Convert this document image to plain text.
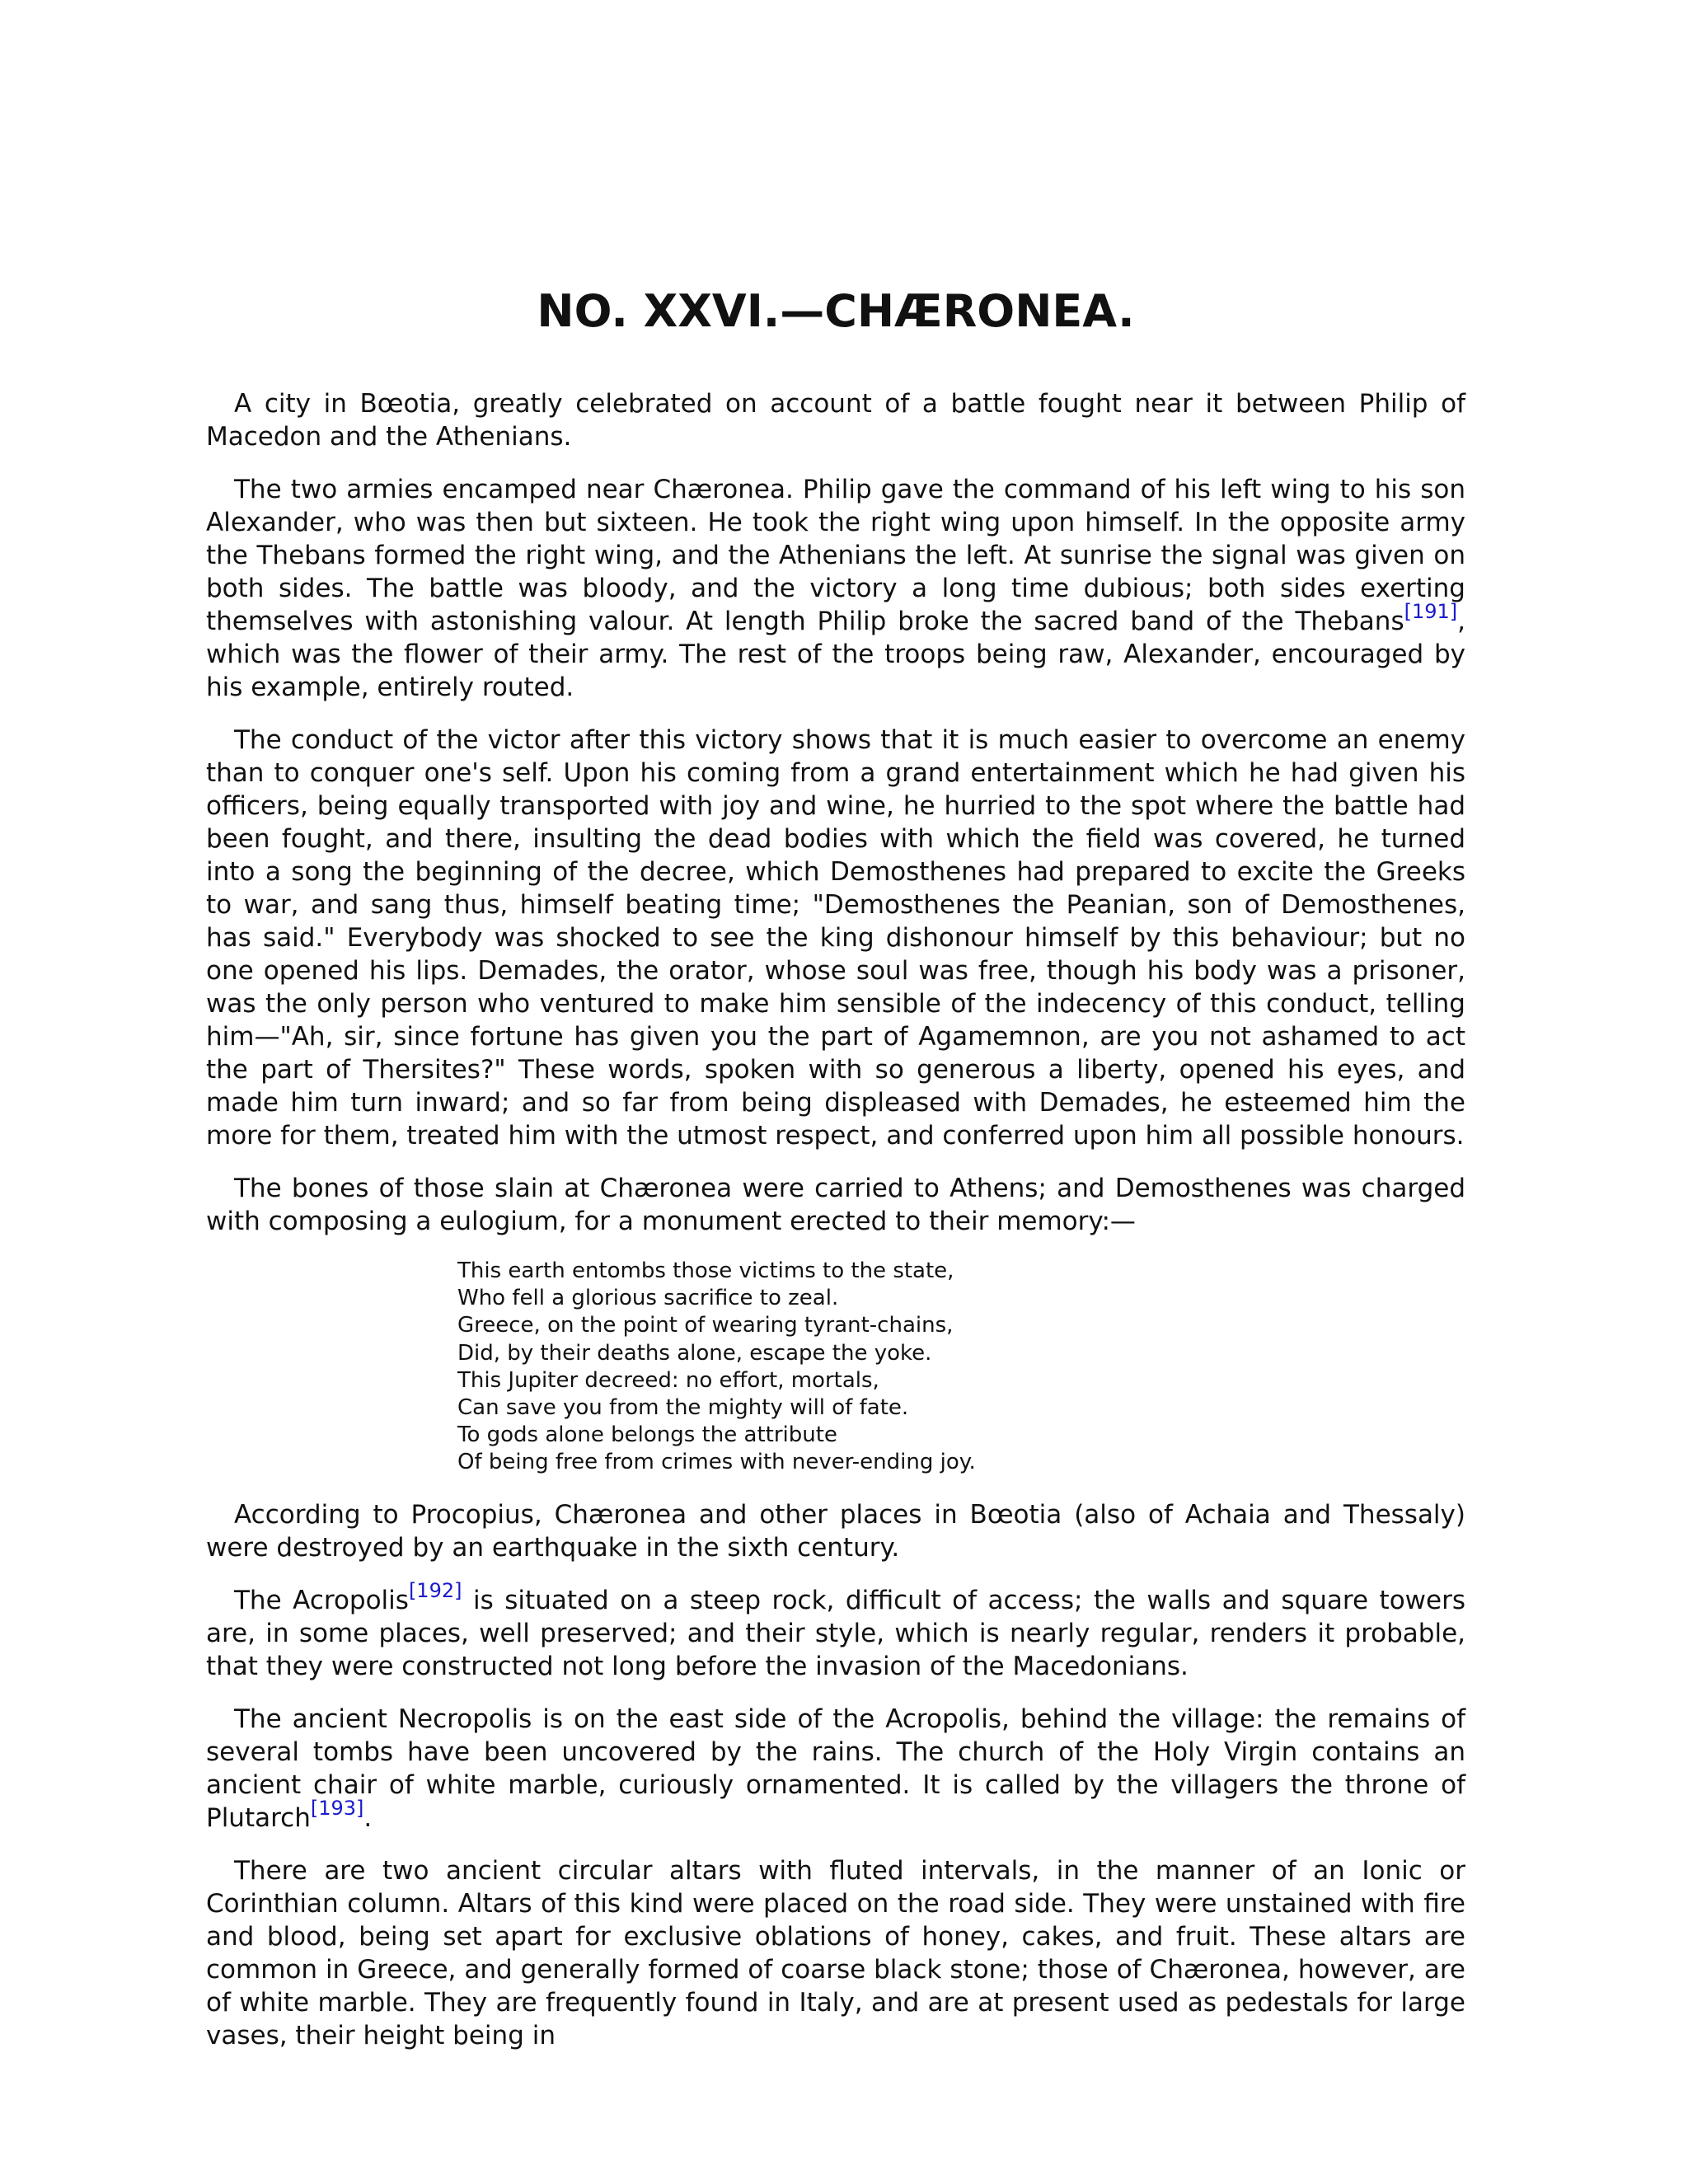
NO. XXVI.—CHÆRONEA.

A city in Bœotia, greatly celebrated on account of a battle fought near it between Philip of Macedon and the Athenians.

The two armies encamped near Chæronea. Philip gave the command of his left wing to his son Alexander, who was then but sixteen. He took the right wing upon himself. In the opposite army the Thebans formed the right wing, and the Athenians the left. At sunrise the signal was given on both sides. The battle was bloody, and the victory a long time dubious; both sides exerting themselves with astonishing valour. At length Philip broke the sacred band of the Thebans[191], which was the flower of their army. The rest of the troops being raw, Alexander, encouraged by his example, entirely routed.

The conduct of the victor after this victory shows that it is much easier to overcome an enemy than to conquer one's self. Upon his coming from a grand entertainment which he had given his officers, being equally transported with joy and wine, he hurried to the spot where the battle had been fought, and there, insulting the dead bodies with which the field was covered, he turned into a song the beginning of the decree, which Demosthenes had prepared to excite the Greeks to war, and sang thus, himself beating time; "Demosthenes the Peanian, son of Demosthenes, has said." Everybody was shocked to see the king dishonour himself by this behaviour; but no one opened his lips. Demades, the orator, whose soul was free, though his body was a prisoner, was the only person who ventured to make him sensible of the indecency of this conduct, telling him—"Ah, sir, since fortune has given you the part of Agamemnon, are you not ashamed to act the part of Thersites?" These words, spoken with so generous a liberty, opened his eyes, and made him turn inward; and so far from being displeased with Demades, he esteemed him the more for them, treated him with the utmost respect, and conferred upon him all possible honours.

The bones of those slain at Chæronea were carried to Athens; and Demosthenes was charged with composing a eulogium, for a monument erected to their memory:—

This earth entombs those victims to the state,
Who fell a glorious sacrifice to zeal.
Greece, on the point of wearing tyrant-chains,
Did, by their deaths alone, escape the yoke.
This Jupiter decreed: no effort, mortals,
Can save you from the mighty will of fate.
To gods alone belongs the attribute
Of being free from crimes with never-ending joy.

According to Procopius, Chæronea and other places in Bœotia (also of Achaia and Thessaly) were destroyed by an earthquake in the sixth century.

The Acropolis[192] is situated on a steep rock, difficult of access; the walls and square towers are, in some places, well preserved; and their style, which is nearly regular, renders it probable, that they were constructed not long before the invasion of the Macedonians.

The ancient Necropolis is on the east side of the Acropolis, behind the village: the remains of several tombs have been uncovered by the rains. The church of the Holy Virgin contains an ancient chair of white marble, curiously ornamented. It is called by the villagers the throne of Plutarch[193].

There are two ancient circular altars with fluted intervals, in the manner of an Ionic or Corinthian column. Altars of this kind were placed on the road side. They were unstained with fire and blood, being set apart for exclusive oblations of honey, cakes, and fruit. These altars are common in Greece, and generally formed of coarse black stone; those of Chæronea, however, are of white marble. They are frequently found in Italy, and are at present used as pedestals for large vases, their height being in
